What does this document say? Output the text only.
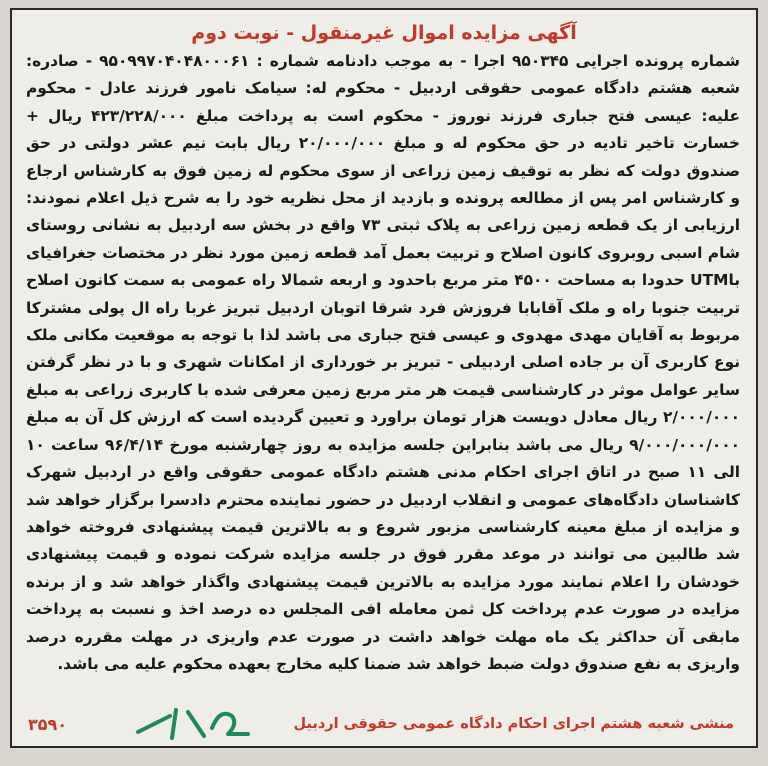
آگهی مزایده اموال غیرمنقول - نوبت دوم

شماره پرونده اجرایی ۹۵۰۳۴۵ اجرا - به موجب دادنامه شماره : ۹۵۰۹۹۷۰۴۰۴۸۰۰۰۶۱ - صادره: شعبه هشتم دادگاه عمومی حقوقی اردبیل - محکوم له: سیامک نامور فرزند عادل - محکوم علیه: عیسی فتح جباری فرزند نوروز - محکوم است به پرداخت مبلغ ۴۲۳/۲۲۸/۰۰۰ ریال + خسارت تاخیر تادیه در حق محکوم له و مبلغ ۲۰/۰۰۰/۰۰۰ ریال بابت نیم عشر دولتی در حق صندوق دولت که نظر به توقیف زمین زراعی از سوی محکوم له زمین فوق به کارشناس ارجاع و کارشناس امر پس از مطالعه پرونده و بازدید از محل نظریه خود را به شرح ذیل اعلام نمودند: ارزیابی از یک قطعه زمین زراعی به پلاک ثبتی ۷۳ واقع در بخش سه اردبیل به نشانی روستای شام اسبی روبروی کانون اصلاح و تربیت بعمل آمد قطعه زمین مورد نظر در مختصات جغرافیای باUTM حدودا به مساحت ۴۵۰۰ متر مربع باحدود و اربعه شمالا راه عمومی به سمت کانون اصلاح تربیت جنوبا راه و ملک آقابابا فروزش فرد شرقا اتوبان اردبیل تبریز غربا راه ال پولی مشترکا مربوط به آقایان مهدی مهدوی و عیسی فتح جباری می باشد لذا با توجه به موقعیت مکانی ملک نوع کاربری آن بر جاده اصلی اردبیلی - تبریز بر خورداری از امکانات شهری و با در نظر گرفتن سایر عوامل موثر در کارشناسی قیمت هر متر مربع زمین معرفی شده با کاربری زراعی به مبلغ ۲/۰۰۰/۰۰۰ ریال معادل دویست هزار تومان براورد و تعیین گردیده است که ارزش کل آن به مبلغ ۹/۰۰۰/۰۰۰/۰۰۰ ریال می باشد بنابراین جلسه مزایده به روز چهارشنبه مورخ ۹۶/۴/۱۴ ساعت ۱۰ الی ۱۱ صبح در اتاق اجرای احکام مدنی هشتم دادگاه عمومی حقوقی واقع در اردبیل شهرک کاشناسان دادگاه‌های عمومی و انقلاب اردبیل در حضور نماینده محترم دادسرا برگزار خواهد شد و مزایده از مبلغ معینه کارشناسی مزبور شروع و به بالاترین قیمت پیشنهادی فروخته خواهد شد طالبین می توانند در موعد مقرر فوق در جلسه مزایده شرکت نموده و قیمت پیشنهادی خودشان را اعلام نمایند مورد مزایده به بالاترین قیمت پیشنهادی واگذار خواهد شد و از برنده مزایده در صورت عدم پرداخت کل ثمن معامله افی المجلس ده درصد اخذ و نسبت به پرداخت مابقی آن حداکثر یک ماه مهلت خواهد داشت در صورت عدم واریزی در مهلت مقرره درصد واریزی به نفع صندوق دولت ضبط خواهد شد ضمنا کلیه مخارج بعهده محکوم علیه می باشد.

منشی شعبه هشتم اجرای احکام دادگاه عمومی حقوقی اردبیل
۳۵۹۰
